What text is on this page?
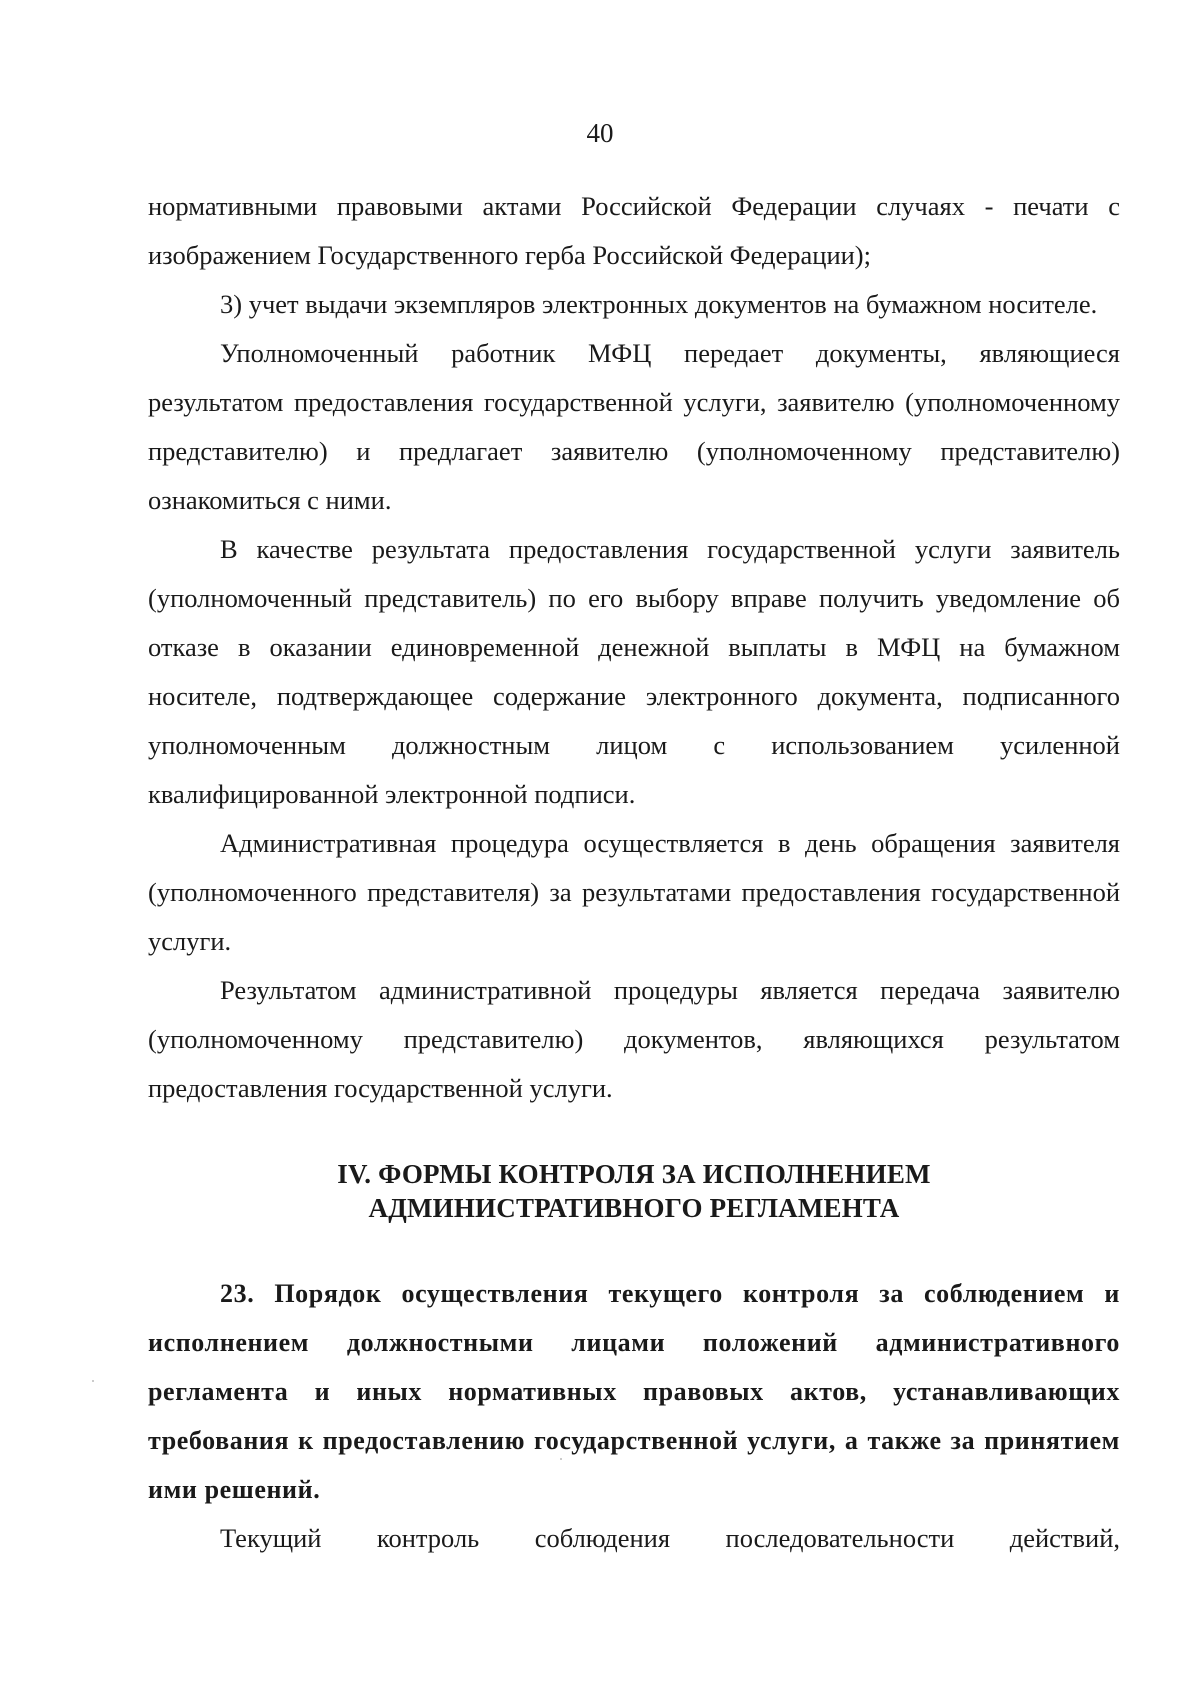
40

нормативными правовыми актами Российской Федерации случаях - печати с изображением Государственного герба Российской Федерации);

3) учет выдачи экземпляров электронных документов на бумажном носителе.

Уполномоченный работник МФЦ передает документы, являющиеся результатом предоставления государственной услуги, заявителю (уполномоченному представителю) и предлагает заявителю (уполномоченному представителю) ознакомиться с ними.

В качестве результата предоставления государственной услуги заявитель (уполномоченный представитель) по его выбору вправе получить уведомление об отказе в оказании единовременной денежной выплаты в МФЦ на бумажном носителе, подтверждающее содержание электронного документа, подписанного уполномоченным должностным лицом с использованием усиленной квалифицированной электронной подписи.

Административная процедура осуществляется в день обращения заявителя (уполномоченного представителя) за результатами предоставления государственной услуги.

Результатом административной процедуры является передача заявителю (уполномоченному представителю) документов, являющихся результатом предоставления государственной услуги.

IV. ФОРМЫ КОНТРОЛЯ ЗА ИСПОЛНЕНИЕМ
АДМИНИСТРАТИВНОГО РЕГЛАМЕНТА

23. Порядок осуществления текущего контроля за соблюдением и исполнением должностными лицами положений административного регламента и иных нормативных правовых актов, устанавливающих требования к предоставлению государственной услуги, а также за принятием ими решений.

Текущий контроль соблюдения последовательности действий,
